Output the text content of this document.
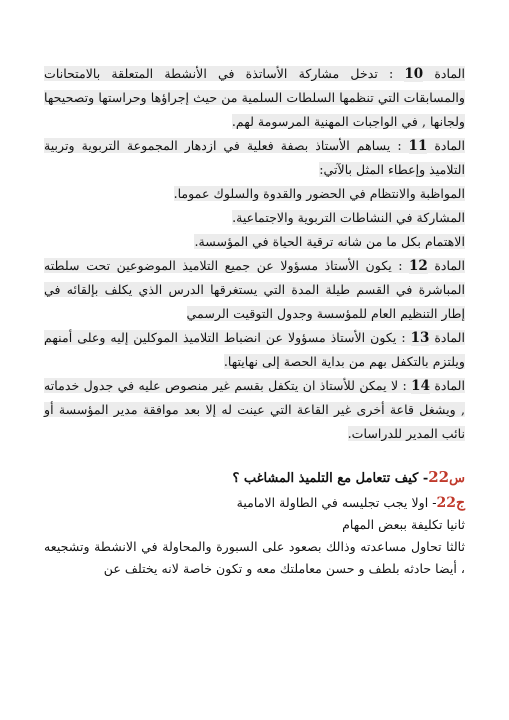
المادة 10 : تدخل مشاركة الأساتذة في الأنشطة المتعلقة بالامتحانات والمسابقات التي تنظمها السلطات السلمية من حيث إجراؤها وحراستها وتصحيحها ولجانها , في الواجبات المهنية المرسومة لهم.

المادة 11 : يساهم الأستاذ بصفة فعلية في ازدهار المجموعة التربوية وتربية التلاميذ وإعطاء المثل بالآتي:

المواظبة والانتظام في الحضور والقدوة والسلوك عموما.

المشاركة في النشاطات التربوية والاجتماعية.

الاهتمام بكل ما من شانه ترقية الحياة في المؤسسة.

المادة 12 : يكون الأستاذ مسؤولا عن جميع التلاميذ الموضوعين تحت سلطته المباشرة في القسم طيلة المدة التي يستغرقها الدرس الذي يكلف بإلقائه في إطار التنظيم العام للمؤسسة وجدول التوقيت الرسمي

المادة 13 : يكون الأستاذ مسؤولا عن انضباط التلاميذ الموكلين إليه وعلى أمنهم ويلتزم بالتكفل بهم من بداية الحصة إلى نهايتها.

المادة 14 : لا يمكن للأستاذ ان يتكفل بقسم غير منصوص عليه في جدول خدماته , ويشغل قاعة أخرى غير القاعة التي عينت له إلا بعد موافقة مدير المؤسسة أو نائب المدير للدراسات.

س22- كيف تتعامل مع التلميذ المشاغب ؟

ج22- اولا يجب تجليسه في الطاولة الامامية

ثانيا تكليفة ببعض المهام

ثالثا تحاول مساعدته وذالك بصعود على السبورة والمحاولة في الانشطة وتشجيعه ، أيضا حادثه بلطف و حسن معاملتك معه و تكون خاصة لانه يختلف عن
